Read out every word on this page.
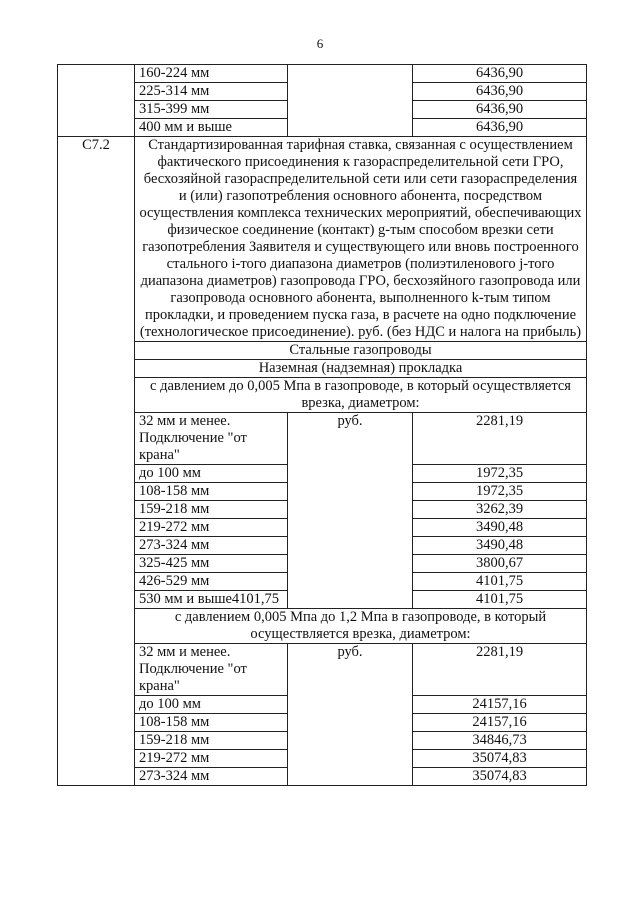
6
	160-224 мм		6436,90
	225-314 мм		6436,90
	315-399 мм		6436,90
	400 мм и выше		6436,90
С7.2	Стандартизированная тарифная ставка, связанная с осуществлением фактического присоединения к газораспределительной сети ГРО, бесхозяйной газораспределительной сети или сети газораспределения и (или) газопотребления основного абонента, посредством осуществления комплекса технических мероприятий, обеспечивающих физическое соединение (контакт) g-тым способом врезки сети газопотребления Заявителя и существующего или вновь построенного стального i-того диапазона диаметров (полиэтиленового j-того диапазона диаметров) газопровода ГРО, бесхозяйного газопровода или газопровода основного абонента, выполненного k-тым типом прокладки, и проведением пуска газа, в расчете на одно подключение (технологическое присоединение). руб. (без НДС и налога на прибыль)		
	Стальные газопроводы		
	Наземная (надземная) прокладка		
	с давлением до 0,005 Мпа в газопроводе, в который осуществляется врезка, диаметром:		
	32 мм и менее. Подключение "от крана"	руб.	2281,19
	до 100 мм		1972,35
	108-158 мм		1972,35
	159-218 мм		3262,39
	219-272 мм		3490,48
	273-324 мм		3490,48
	325-425 мм		3800,67
	426-529 мм		4101,75
	530 мм и выше4101,75		4101,75
	с давлением 0,005 Мпа до 1,2 Мпа в газопроводе, в который осуществляется врезка, диаметром:		
	32 мм и менее. Подключение "от крана"	руб.	2281,19
	до 100 мм		24157,16
	108-158 мм		24157,16
	159-218 мм		34846,73
	219-272 мм		35074,83
	273-324 мм		35074,83
